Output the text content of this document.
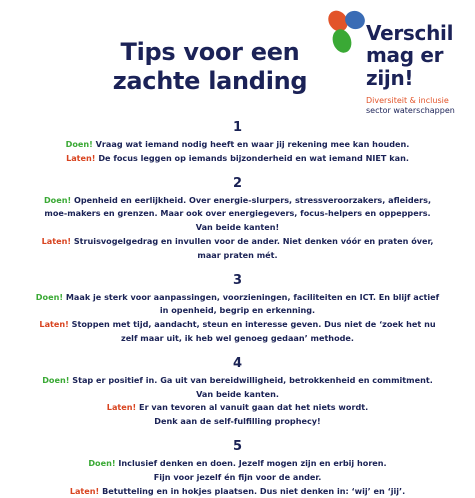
Tips voor een
zachte landing
Verschil
mag er
zijn!
Diversiteit & inclusie
sector waterschappen
1
Doen! Vraag wat iemand nodig heeft en waar jij rekening mee kan houden.
Laten! De focus leggen op iemands bijzonderheid en wat iemand NIET kan.
2
Doen! Openheid en eerlijkheid. Over energie-slurpers, stressveroorzakers, afleiders,
moe-makers en grenzen. Maar ook over energiegevers, focus-helpers en oppeppers.
Van beide kanten!
Laten! Struisvogelgedrag en invullen voor de ander. Niet denken vóór en praten óver,
maar praten mét.
3
Doen! Maak je sterk voor aanpassingen, voorzieningen, faciliteiten en ICT. En blijf actief
in openheid, begrip en erkenning.
Laten! Stoppen met tijd, aandacht, steun en interesse geven. Dus niet de ‘zoek het nu
zelf maar uit, ik heb wel genoeg gedaan’ methode.
4
Doen! Stap er positief in. Ga uit van bereidwilligheid, betrokkenheid en commitment.
Van beide kanten.
Laten! Er van tevoren al vanuit gaan dat het niets wordt.
Denk aan de self-fulfilling prophecy!
5
Doen! Inclusief denken en doen. Jezelf mogen zijn en erbij horen.
Fijn voor jezelf én fijn voor de ander.
Laten! Betutteling en in hokjes plaatsen. Dus niet denken in: ‘wij’ en ‘jij’.
